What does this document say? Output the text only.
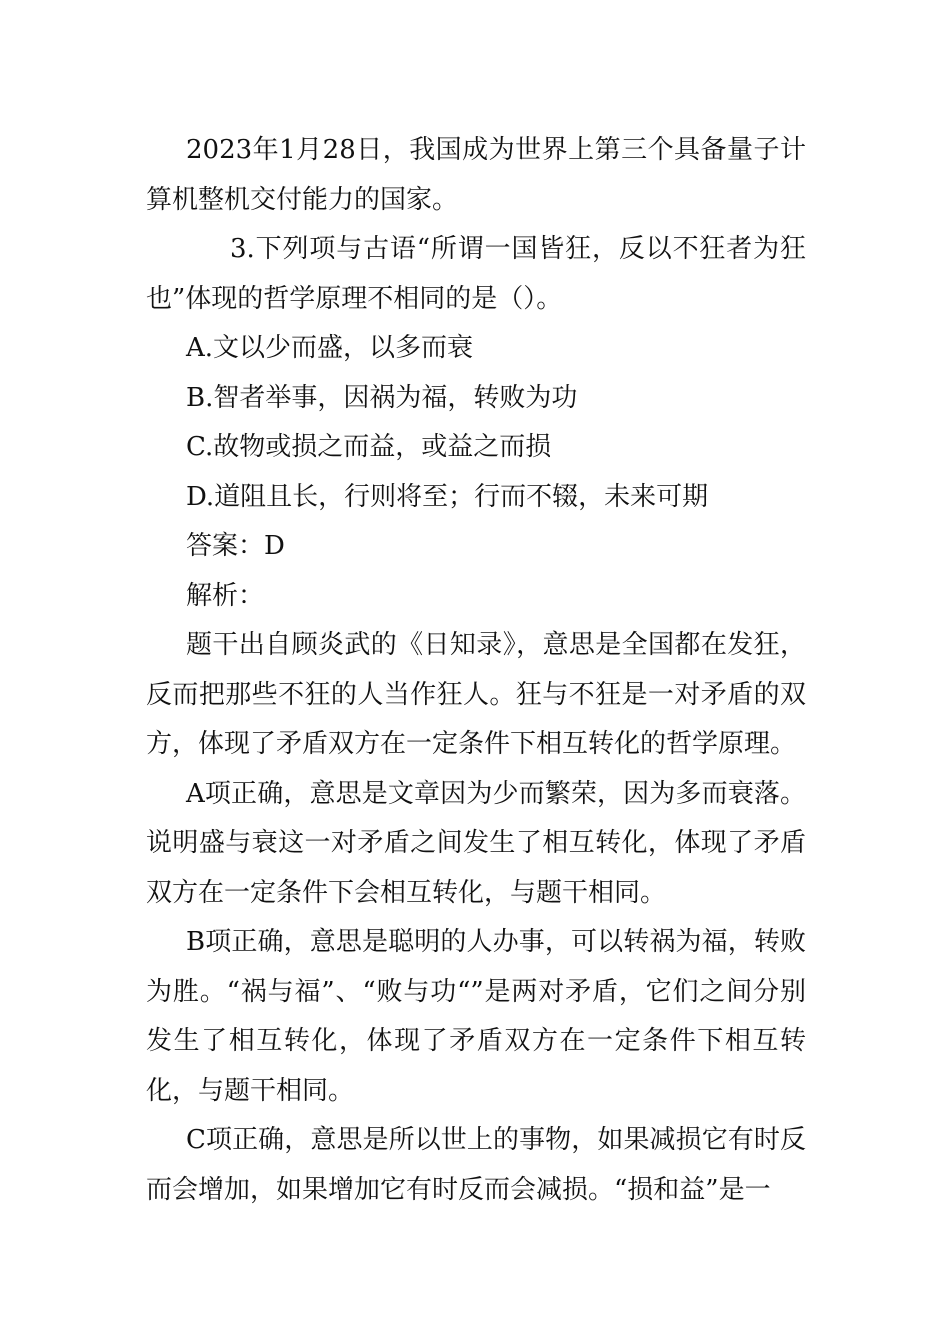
2023年1月28日，我国成为世界上第三个具备量子计算机整机交付能力的国家。

3.下列项与古语“所谓一国皆狂，反以不狂者为狂也”体现的哲学原理不相同的是（）。

A.文以少而盛，以多而衰

B.智者举事，因祸为福，转败为功

C.故物或损之而益，或益之而损

D.道阻且长，行则将至；行而不辍，未来可期

答案：D

解析：

题干出自顾炎武的《日知录》，意思是全国都在发狂，反而把那些不狂的人当作狂人。狂与不狂是一对矛盾的双方，体现了矛盾双方在一定条件下相互转化的哲学原理。

A项正确，意思是文章因为少而繁荣，因为多而衰落。说明盛与衰这一对矛盾之间发生了相互转化，体现了矛盾双方在一定条件下会相互转化，与题干相同。

B项正确，意思是聪明的人办事，可以转祸为福，转败为胜。“祸与福”、“败与功“”是两对矛盾，它们之间分别发生了相互转化，体现了矛盾双方在一定条件下相互转化，与题干相同。

C项正确，意思是所以世上的事物，如果减损它有时反而会增加，如果增加它有时反而会减损。“损和益”是一
